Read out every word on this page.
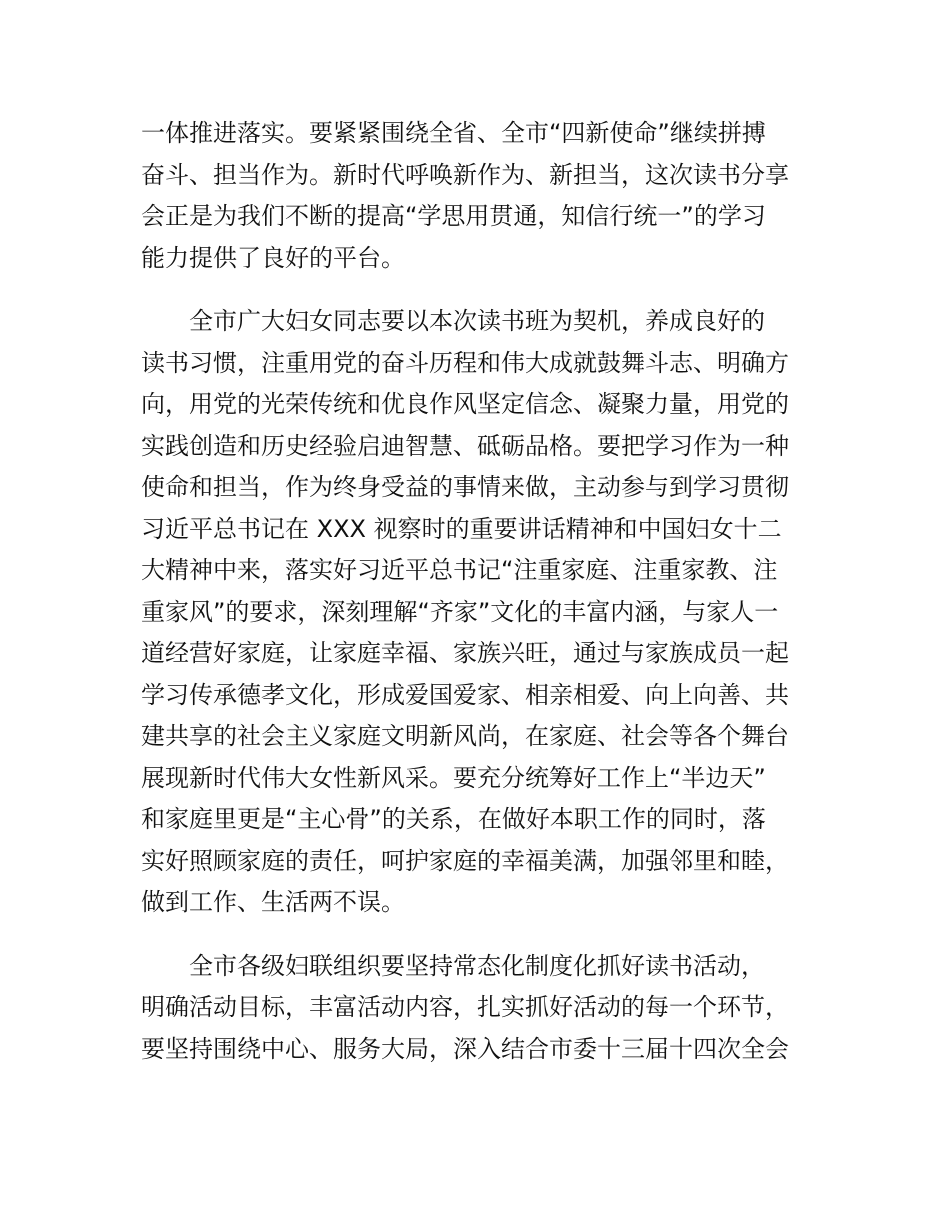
一体推进落实。要紧紧围绕全省、全市“四新使命”继续拼搏
奋斗、担当作为。新时代呼唤新作为、新担当，这次读书分享
会正是为我们不断的提高“学思用贯通，知信行统一”的学习
能力提供了良好的平台。
全市广大妇女同志要以本次读书班为契机，养成良好的
读书习惯，注重用党的奋斗历程和伟大成就鼓舞斗志、明确方
向，用党的光荣传统和优良作风坚定信念、凝聚力量，用党的
实践创造和历史经验启迪智慧、砥砺品格。要把学习作为一种
使命和担当，作为终身受益的事情来做，主动参与到学习贯彻
习近平总书记在 XXX 视察时的重要讲话精神和中国妇女十二
大精神中来，落实好习近平总书记“注重家庭、注重家教、注
重家风”的要求，深刻理解“齐家”文化的丰富内涵，与家人一
道经营好家庭，让家庭幸福、家族兴旺，通过与家族成员一起
学习传承德孝文化，形成爱国爱家、相亲相爱、向上向善、共
建共享的社会主义家庭文明新风尚，在家庭、社会等各个舞台
展现新时代伟大女性新风采。要充分统筹好工作上“半边天”
和家庭里更是“主心骨”的关系，在做好本职工作的同时，落
实好照顾家庭的责任，呵护家庭的幸福美满，加强邻里和睦，
做到工作、生活两不误。
全市各级妇联组织要坚持常态化制度化抓好读书活动，
明确活动目标，丰富活动内容，扎实抓好活动的每一个环节，
要坚持围绕中心、服务大局，深入结合市委十三届十四次全会
